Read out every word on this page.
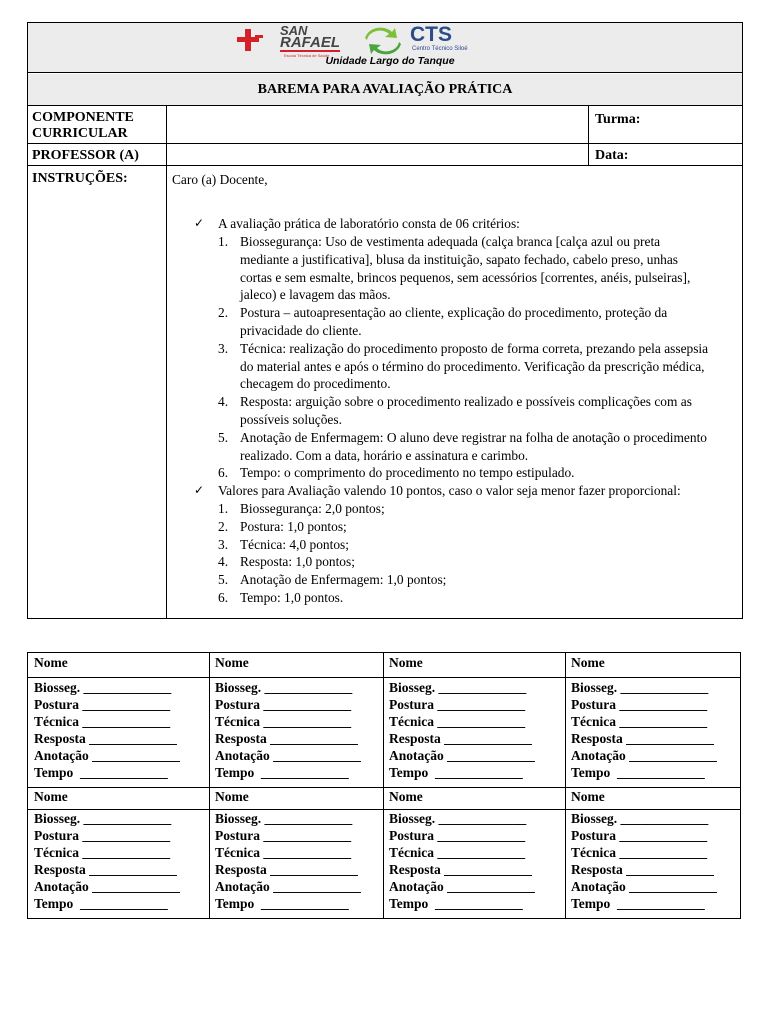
SAN
RAFAEL
Escola Técnica de Saúde
CTS
Centro Técnico Siloé
Unidade Largo do Tanque
BAREMA PARA AVALIAÇÃO PRÁTICA
COMPONENTE
CURRICULAR
Turma:
PROFESSOR (A)	Data:
INSTRUÇÕES:	Caro (a) Docente,
✓ A avaliação prática de laboratório consta de 06 critérios:
1. Biossegurança: Uso de vestimenta adequada (calça branca [calça azul ou preta
mediante a justificativa], blusa da instituição, sapato fechado, cabelo preso, unhas
cortas e sem esmalte, brincos pequenos, sem acessórios [correntes, anéis, pulseiras],
jaleco) e lavagem das mãos.
2. Postura – autoapresentação ao cliente, explicação do procedimento, proteção da
privacidade do cliente.
3. Técnica: realização do procedimento proposto de forma correta, prezando pela assepsia
do material antes e após o término do procedimento. Verificação da prescrição médica,
checagem do procedimento.
4. Resposta: arguição sobre o procedimento realizado e possíveis complicações com as
possíveis soluções.
5. Anotação de Enfermagem: O aluno deve registrar na folha de anotação o procedimento
realizado. Com a data, horário e assinatura e carimbo.
6. Tempo: o comprimento do procedimento no tempo estipulado.
✓ Valores para Avaliação valendo 10 pontos, caso o valor seja menor fazer proporcional:
1. Biossegurança: 2,0 pontos;
2. Postura: 1,0 pontos;
3. Técnica: 4,0 pontos;
4. Resposta: 1,0 pontos;
5. Anotação de Enfermagem: 1,0 pontos;
6. Tempo: 1,0 pontos.
Nome
Biosseg. _____________
Postura _____________
Técnica _____________
Resposta _____________
Anotação _____________
Tempo  _____________
Nome
Biosseg. _____________
Postura _____________
Técnica _____________
Resposta _____________
Anotação _____________
Tempo  _____________
Nome
Biosseg. _____________
Postura _____________
Técnica _____________
Resposta _____________
Anotação _____________
Tempo  _____________
Nome
Biosseg. _____________
Postura _____________
Técnica _____________
Resposta _____________
Anotação _____________
Tempo  _____________
Nome
Biosseg. _____________
Postura _____________
Técnica _____________
Resposta _____________
Anotação _____________
Tempo  _____________
Nome
Biosseg. _____________
Postura _____________
Técnica _____________
Resposta _____________
Anotação _____________
Tempo  _____________
Nome
Biosseg. _____________
Postura _____________
Técnica _____________
Resposta _____________
Anotação _____________
Tempo  _____________
Nome
Biosseg. _____________
Postura _____________
Técnica _____________
Resposta _____________
Anotação _____________
Tempo  _____________
